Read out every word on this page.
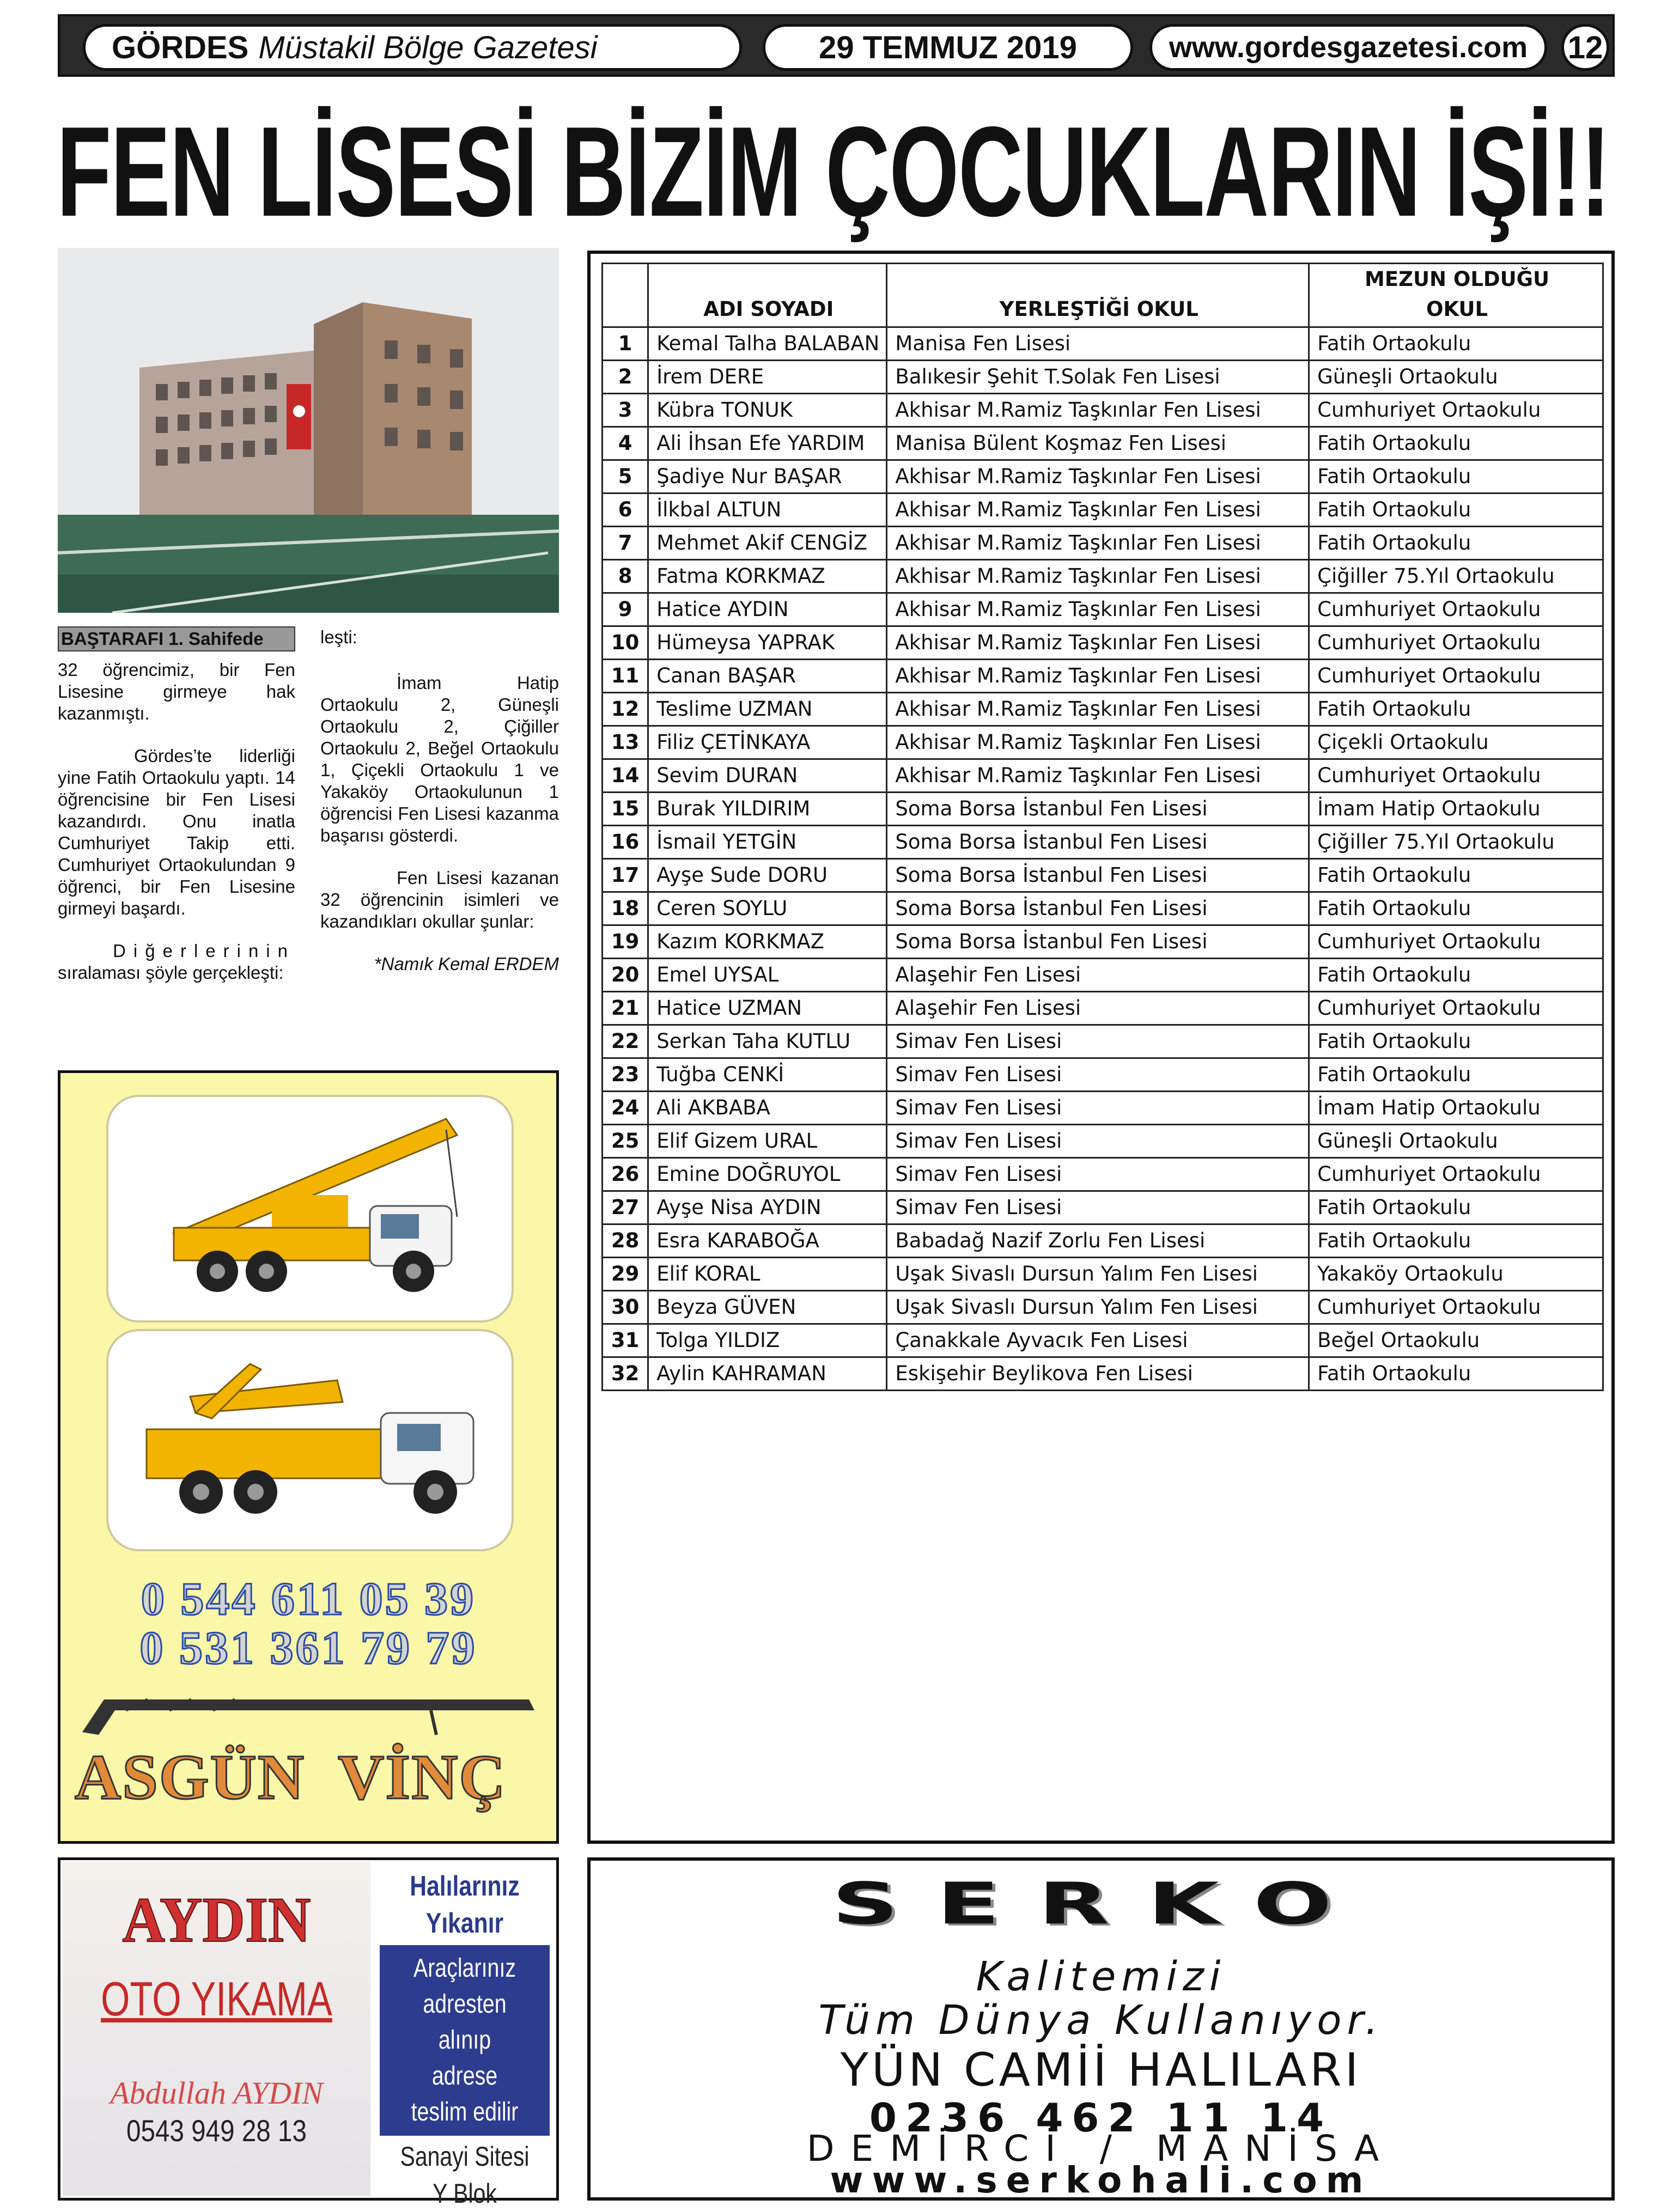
GÖRDES Müstakil Bölge Gazetesi	29 TEMMUZ 2019	www.gordesgazetesi.com	12
FEN LİSESİ BİZİM ÇOCUKLARIN İŞİ!!
BAŞTARAFI 1. Sahifede

32 öğrencimiz, bir Fen Lisesine girmeye hak kazanmıştı.

Gördes’te liderliği yine Fatih Ortaokulu yaptı. 14 öğrencisine bir Fen Lisesi kazandırdı. Onu inatla Cumhuriyet Takip etti. Cumhuriyet Ortaokulundan 9 öğrenci, bir Fen Lisesine girmeyi başardı.

Diğerlerinin

sıralaması şöyle gerçekleşti:

leşti:

İmam Hatip Ortaokulu 2, Güneşli Ortaokulu 2, Çiğiller Ortaokulu 2, Beğel Ortaokulu 1, Çiçekli Ortaokulu 1 ve Yakaköy Ortaokulunun 1 öğrencisi Fen Lisesi kazanma başarısı gösterdi.

Fen Lisesi kazanan 32 öğrencinin isimleri ve kazandıkları okullar şunlar:

*Namık Kemal ERDEM
0 544 611 05 39
0 531 361 79 79
ASGÜN VİNÇ
	ADI SOYADI	YERLEŞTİĞİ OKUL	MEZUN OLDUĞU
OKUL

1	Kemal Talha BALABAN	Manisa Fen Lisesi	Fatih Ortaokulu
2	İrem DERE	Balıkesir Şehit T.Solak Fen Lisesi	Güneşli Ortaokulu
3	Kübra TONUK	Akhisar M.Ramiz Taşkınlar Fen Lisesi	Cumhuriyet Ortaokulu
4	Ali İhsan Efe YARDIM	Manisa Bülent Koşmaz Fen Lisesi	Fatih Ortaokulu
5	Şadiye Nur BAŞAR	Akhisar M.Ramiz Taşkınlar Fen Lisesi	Fatih Ortaokulu
6	İlkbal ALTUN	Akhisar M.Ramiz Taşkınlar Fen Lisesi	Fatih Ortaokulu
7	Mehmet Akif CENGİZ	Akhisar M.Ramiz Taşkınlar Fen Lisesi	Fatih Ortaokulu
8	Fatma KORKMAZ	Akhisar M.Ramiz Taşkınlar Fen Lisesi	Çiğiller 75.Yıl Ortaokulu
9	Hatice AYDIN	Akhisar M.Ramiz Taşkınlar Fen Lisesi	Cumhuriyet Ortaokulu
10	Hümeysa YAPRAK	Akhisar M.Ramiz Taşkınlar Fen Lisesi	Cumhuriyet Ortaokulu
11	Canan BAŞAR	Akhisar M.Ramiz Taşkınlar Fen Lisesi	Cumhuriyet Ortaokulu
12	Teslime UZMAN	Akhisar M.Ramiz Taşkınlar Fen Lisesi	Fatih Ortaokulu
13	Filiz ÇETİNKAYA	Akhisar M.Ramiz Taşkınlar Fen Lisesi	Çiçekli Ortaokulu
14	Sevim DURAN	Akhisar M.Ramiz Taşkınlar Fen Lisesi	Cumhuriyet Ortaokulu
15	Burak YILDIRIM	Soma Borsa İstanbul Fen Lisesi	İmam Hatip Ortaokulu
16	İsmail YETGİN	Soma Borsa İstanbul Fen Lisesi	Çiğiller 75.Yıl Ortaokulu
17	Ayşe Sude DORU	Soma Borsa İstanbul Fen Lisesi	Fatih Ortaokulu
18	Ceren SOYLU	Soma Borsa İstanbul Fen Lisesi	Fatih Ortaokulu
19	Kazım KORKMAZ	Soma Borsa İstanbul Fen Lisesi	Cumhuriyet Ortaokulu
20	Emel UYSAL	Alaşehir Fen Lisesi	Fatih Ortaokulu
21	Hatice UZMAN	Alaşehir Fen Lisesi	Cumhuriyet Ortaokulu
22	Serkan Taha KUTLU	Simav Fen Lisesi	Fatih Ortaokulu
23	Tuğba CENKİ	Simav Fen Lisesi	Fatih Ortaokulu
24	Ali AKBABA	Simav Fen Lisesi	İmam Hatip Ortaokulu
25	Elif Gizem URAL	Simav Fen Lisesi	Güneşli Ortaokulu
26	Emine DOĞRUYOL	Simav Fen Lisesi	Cumhuriyet Ortaokulu
27	Ayşe Nisa AYDIN	Simav Fen Lisesi	Fatih Ortaokulu
28	Esra KARABOĞA	Babadağ Nazif Zorlu Fen Lisesi	Fatih Ortaokulu
29	Elif KORAL	Uşak Sivaslı Dursun Yalım Fen Lisesi	Yakaköy Ortaokulu
30	Beyza GÜVEN	Uşak Sivaslı Dursun Yalım Fen Lisesi	Cumhuriyet Ortaokulu
31	Tolga YILDIZ	Çanakkale Ayvacık Fen Lisesi	Beğel Ortaokulu
32	Aylin KAHRAMAN	Eskişehir Beylikova Fen Lisesi	Fatih Ortaokulu
AYDIN
OTO YIKAMA
Abdullah AYDIN
0543 949 28 13
Halılarınız
Yıkanır
Araçlarınız
adresten alınıp
adrese
teslim edilir
Sanayi Sitesi
Y Blok
SERKO
Kalitemizi
Tüm Dünya Kullanıyor.
YÜN CAMİİ HALILARI
0236 462 11 14
DEMİRCİ / MANİSA
www.serkohali.com
